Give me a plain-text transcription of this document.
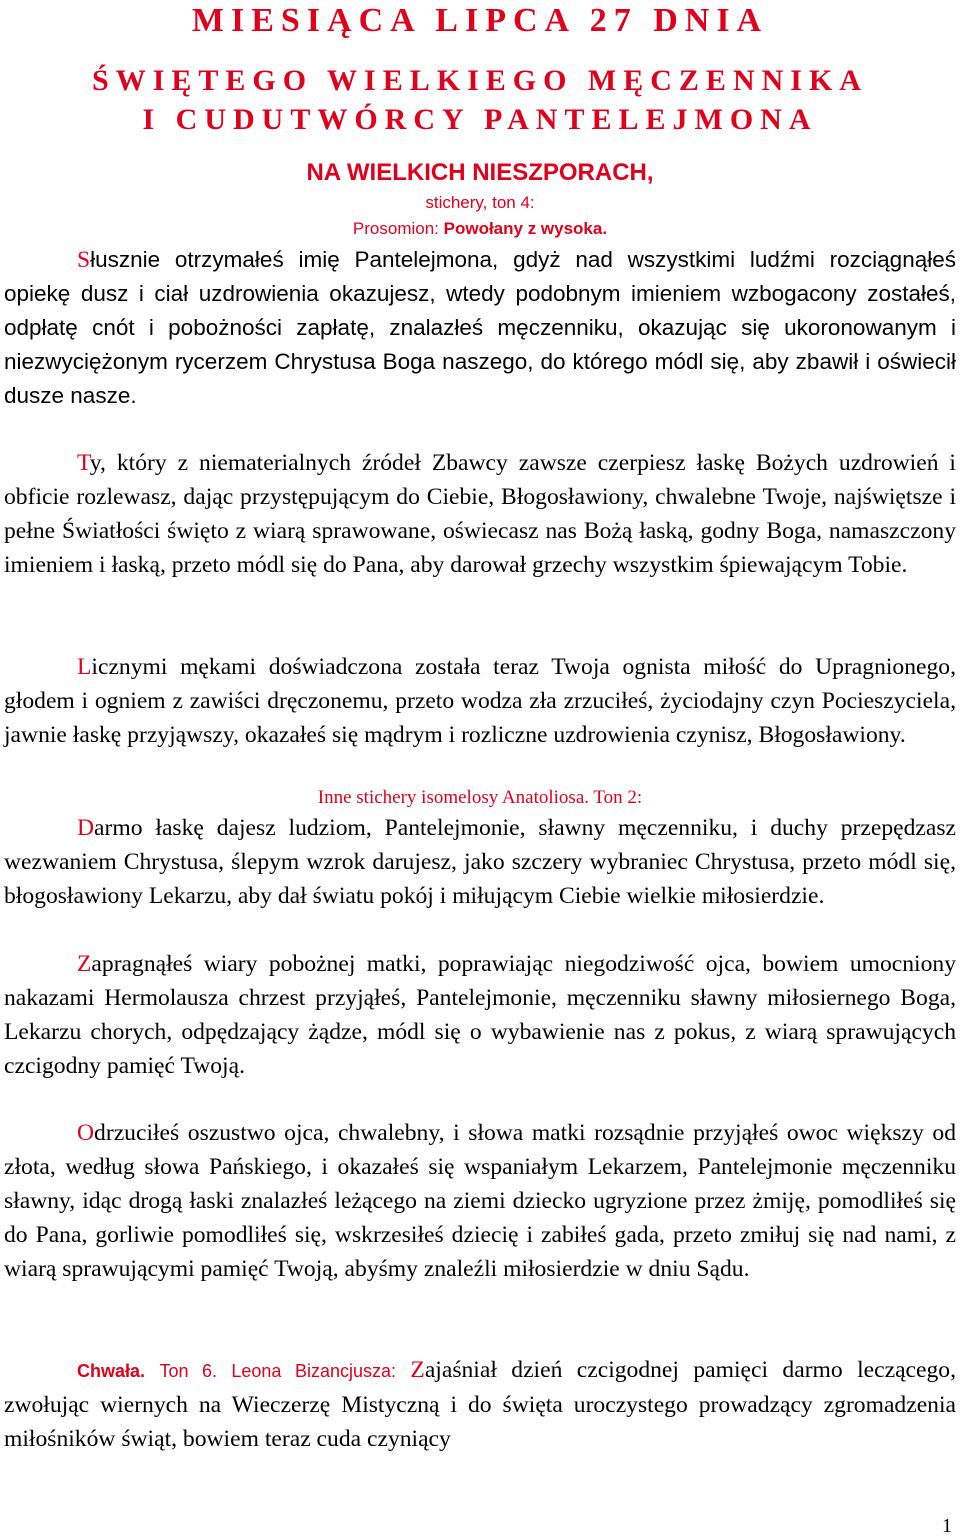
MIESIĄCA LIPCA 27 DNIA
ŚWIĘTEGO WIELKIEGO MĘCZENNIKA
I CUDUTWÓRCY PANTELEJMONA
NA WIELKICH NIESZPORACH,
stichery, ton 4:
Prosomion: Powołany z wysoka.

Słusznie otrzymałeś imię Pantelejmona, gdyż nad wszystkimi ludźmi rozciągnąłeś opiekę dusz i ciał uzdrowienia okazujesz, wtedy podobnym imieniem wzbogacony zostałeś, odpłatę cnót i pobożności zapłatę, znalazłeś męczenniku, okazując się ukoronowanym i niezwyciężonym rycerzem Chrystusa Boga naszego, do którego módl się, aby zbawił i oświecił dusze nasze.

Ty, który z niematerialnych źródeł Zbawcy zawsze czerpiesz łaskę Bożych uzdrowień i obficie rozlewasz, dając przystępującym do Ciebie, Błogosławiony, chwalebne Twoje, najświętsze i pełne Światłości święto z wiarą sprawowane, oświecasz nas Bożą łaską, godny Boga, namaszczony imieniem i łaską, przeto módl się do Pana, aby darował grzechy wszystkim śpiewającym Tobie.

Licznymi mękami doświadczona została teraz Twoja ognista miłość do Upragnionego, głodem i ogniem z zawiści dręczonemu, przeto wodza zła zrzuciłeś, życiodajny czyn Pocieszyciela, jawnie łaskę przyjąwszy, okazałeś się mądrym i rozliczne uzdrowienia czynisz, Błogosławiony.

Inne stichery isomelosy Anatoliosa. Ton 2:

Darmo łaskę dajesz ludziom, Pantelejmonie, sławny męczenniku, i duchy przepędzasz wezwaniem Chrystusa, ślepym wzrok darujesz, jako szczery wybraniec Chrystusa, przeto módl się, błogosławiony Lekarzu, aby dał światu pokój i miłującym Ciebie wielkie miłosierdzie.

Zapragnąłeś wiary pobożnej matki, poprawiając niegodziwość ojca, bowiem umocniony nakazami Hermolausza chrzest przyjąłeś, Pantelejmonie, męczenniku sławny miłosiernego Boga, Lekarzu chorych, odpędzający żądze, módl się o wybawienie nas z pokus, z wiarą sprawujących czcigodny pamięć Twoją.

Odrzuciłeś oszustwo ojca, chwalebny, i słowa matki rozsądnie przyjąłeś owoc większy od złota, według słowa Pańskiego, i okazałeś się wspaniałym Lekarzem, Pantelejmonie męczenniku sławny, idąc drogą łaski znalazłeś leżącego na ziemi dziecko ugryzione przez żmiję, pomodliłeś się do Pana, gorliwie pomodliłeś się, wskrzesiłeś dziecię i zabiłeś gada, przeto zmiłuj się nad nami, z wiarą sprawującymi pamięć Twoją, abyśmy znaleźli miłosierdzie w dniu Sądu.

Chwała. Ton 6. Leona Bizancjusza: Zajaśniał dzień czcigodnej pamięci darmo leczącego, zwołując wiernych na Wieczerzę Mistyczną i do święta uroczystego prowadzący zgromadzenia miłośników świąt, bowiem teraz cuda czyniący

1
